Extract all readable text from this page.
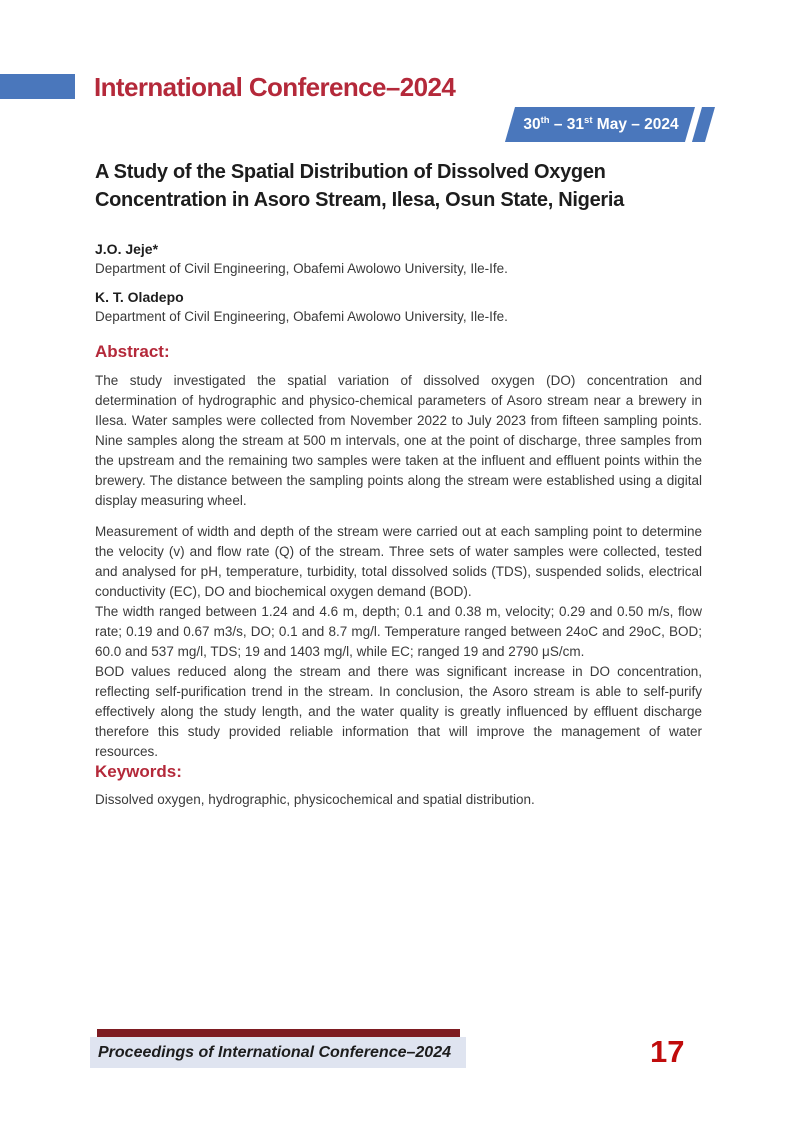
International Conference–2024
30 th – 31 st May – 2024
A Study of the Spatial Distribution of Dissolved Oxygen Concentration in Asoro Stream, Ilesa, Osun State, Nigeria
J.O. Jeje*
Department of Civil Engineering, Obafemi Awolowo University, Ile-Ife.
K. T. Oladepo
Department of Civil Engineering, Obafemi Awolowo University, Ile-Ife.
Abstract:

The study investigated the spatial variation of dissolved oxygen (DO) concentration and determination of hydrographic and physico-chemical parameters of Asoro stream near a brewery in Ilesa. Water samples were collected from November 2022 to July 2023 from fifteen sampling points. Nine samples along the stream at 500 m intervals, one at the point of discharge, three samples from the upstream and the remaining two samples were taken at the influent and effluent points within the brewery. The distance between the sampling points along the stream were established using a digital display measuring wheel.

Measurement of width and depth of the stream were carried out at each sampling point to determine the velocity (v) and flow rate (Q) of the stream. Three sets of water samples were collected, tested and analysed for pH, temperature, turbidity, total dissolved solids (TDS), suspended solids, electrical conductivity (EC), DO and biochemical oxygen demand (BOD).

The width ranged between 1.24 and 4.6 m, depth; 0.1 and 0.38 m, velocity; 0.29 and 0.50 m/s, flow rate; 0.19 and 0.67 m3/s, DO; 0.1 and 8.7 mg/l. Temperature ranged between 24oC and 29oC, BOD; 60.0 and 537 mg/l, TDS; 19 and 1403 mg/l, while EC; ranged 19 and 2790 μS/cm.

BOD values reduced along the stream and there was significant increase in DO concentration, reflecting self-purification trend in the stream. In conclusion, the Asoro stream is able to self-purify effectively along the study length, and the water quality is greatly influenced by effluent discharge therefore this study provided reliable information that will improve the management of water resources.

Keywords:
Dissolved oxygen, hydrographic, physicochemical and spatial distribution.
Proceedings of International Conference–2024	17
